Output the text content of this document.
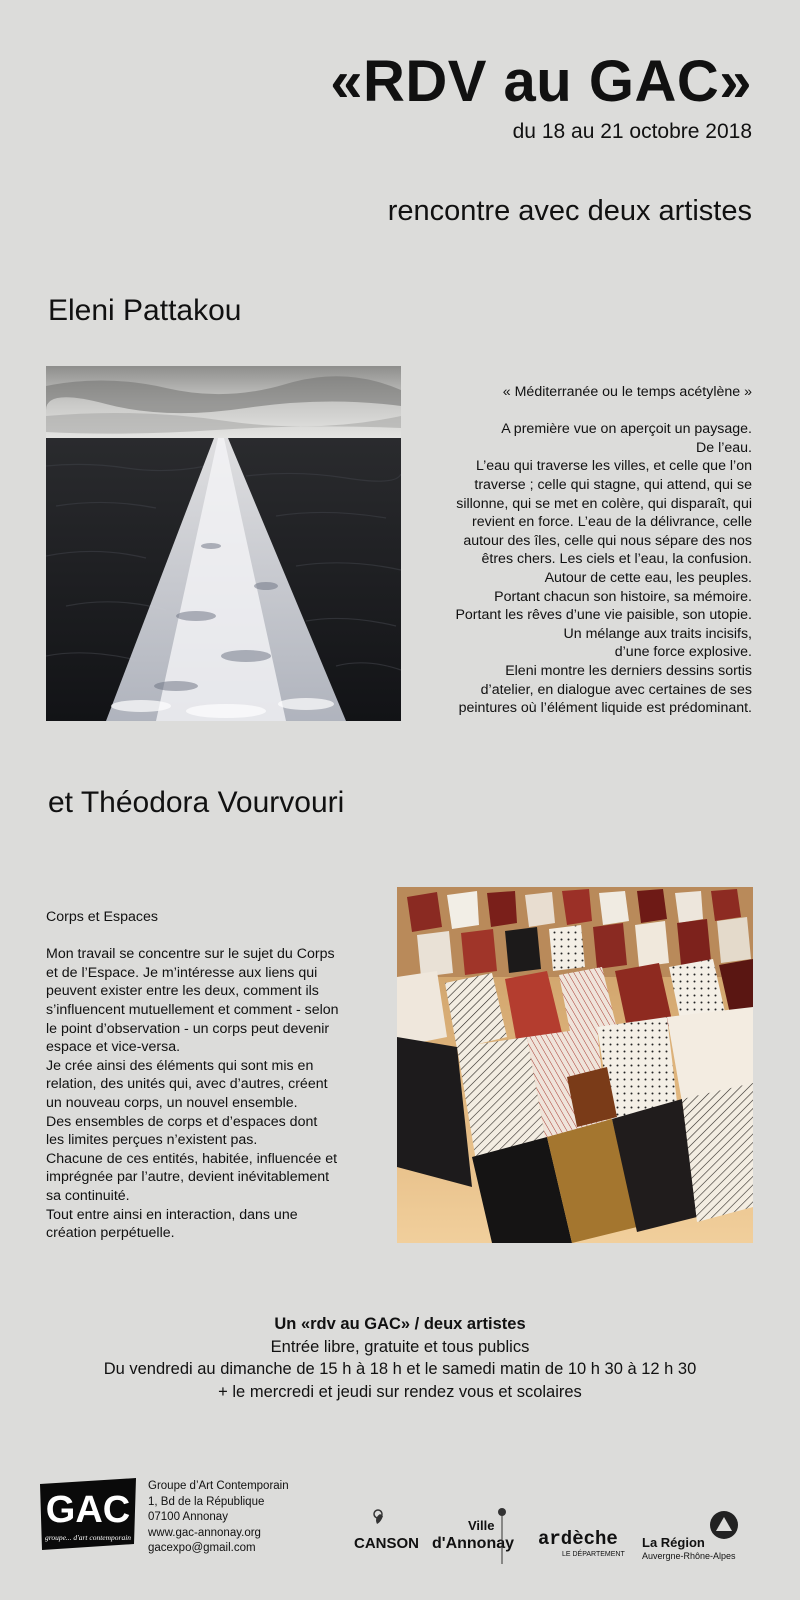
«RDV au GAC»
du 18 au 21 octobre 2018
rencontre avec deux artistes
Eleni Pattakou
« Méditerranée ou le temps acétylène »
A première vue on aperçoit un paysage.
De l’eau.
L’eau qui traverse les villes, et celle que l’on
traverse ; celle qui stagne, qui attend, qui se
sillonne, qui se met en colère, qui disparaît, qui
revient en force. L’eau de la délivrance, celle
autour des îles, celle qui nous sépare des nos
êtres chers. Les ciels et l’eau, la confusion.
Autour de cette eau, les peuples.
Portant chacun son histoire, sa mémoire.
Portant les rêves d’une vie paisible, son utopie.
Un mélange aux traits incisifs,
d’une force explosive.
Eleni montre les derniers dessins sortis
d’atelier, en dialogue avec certaines de ses
peintures où l’élément liquide est prédominant.
et Théodora Vourvouri
Corps et Espaces
Mon travail se concentre sur le sujet du Corps
et de l’Espace. Je m’intéresse aux liens qui
peuvent exister entre les deux, comment ils
s’influencent mutuellement et comment - selon
le point d’observation - un corps peut devenir
espace et vice-versa.
Je crée ainsi des éléments qui sont mis en
relation, des unités qui, avec d’autres, créent
un nouveau corps, un nouvel ensemble.
Des ensembles de corps et d’espaces dont
les limites perçues n’existent pas.
Chacune de ces entités, habitée, influencée et
imprégnée par l’autre, devient inévitablement
sa continuité.
Tout entre ainsi en interaction, dans une
création perpétuelle.
Un «rdv au GAC» / deux artistes
Entrée libre, gratuite et tous publics
Du vendredi au dimanche de 15 h à 18 h et le samedi matin de 10 h 30 à 12 h 30
+ le mercredi et jeudi sur rendez vous et scolaires
GAC
groupe... d'art contemporain
Groupe d’Art Contemporain
1, Bd de la République
07100 Annonay
www.gac-annonay.org
gacexpo@gmail.com	CANSON
Ville
d'Annonay ardèche
LE DÉPARTEMENT
La Région
Auvergne-Rhône-Alpes
